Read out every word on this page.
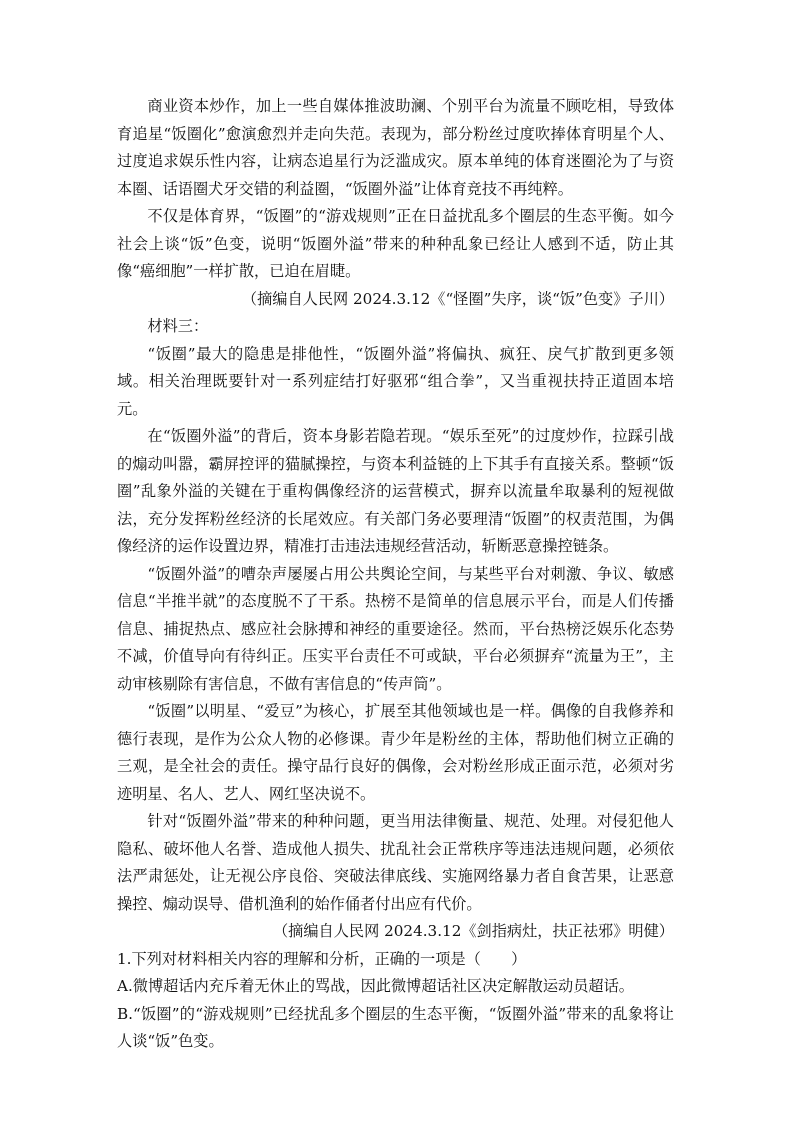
商业资本炒作，加上一些自媒体推波助澜、个别平台为流量不顾吃相，导致体育追星“饭圈化”愈演愈烈并走向失范。表现为，部分粉丝过度吹捧体育明星个人、过度追求娱乐性内容，让病态追星行为泛滥成灾。原本单纯的体育迷圈沦为了与资本圈、话语圈犬牙交错的利益圈，“饭圈外溢”让体育竞技不再纯粹。

不仅是体育界，“饭圈”的“游戏规则”正在日益扰乱多个圈层的生态平衡。如今社会上谈“饭”色变，说明“饭圈外溢”带来的种种乱象已经让人感到不适，防止其像“癌细胞”一样扩散，已迫在眉睫。

（摘编自人民网 2024.3.12《“怪圈”失序，谈“饭”色变》子川）

材料三：

“饭圈”最大的隐患是排他性，“饭圈外溢”将偏执、疯狂、戾气扩散到更多领域。相关治理既要针对一系列症结打好驱邪“组合拳”，又当重视扶持正道固本培元。

在“饭圈外溢”的背后，资本身影若隐若现。“娱乐至死”的过度炒作，拉踩引战的煽动叫嚣，霸屏控评的猫腻操控，与资本利益链的上下其手有直接关系。整顿“饭圈”乱象外溢的关键在于重构偶像经济的运营模式，摒弃以流量牟取暴利的短视做法，充分发挥粉丝经济的长尾效应。有关部门务必要理清“饭圈”的权责范围，为偶像经济的运作设置边界，精准打击违法违规经营活动，斩断恶意操控链条。

“饭圈外溢”的嘈杂声屡屡占用公共舆论空间，与某些平台对刺激、争议、敏感信息“半推半就”的态度脱不了干系。热榜不是简单的信息展示平台，而是人们传播信息、捕捉热点、感应社会脉搏和神经的重要途径。然而，平台热榜泛娱乐化态势不减，价值导向有待纠正。压实平台责任不可或缺，平台必须摒弃“流量为王”，主动审核剔除有害信息，不做有害信息的“传声筒”。

“饭圈”以明星、“爱豆”为核心，扩展至其他领域也是一样。偶像的自我修养和德行表现，是作为公众人物的必修课。青少年是粉丝的主体，帮助他们树立正确的三观，是全社会的责任。操守品行良好的偶像，会对粉丝形成正面示范，必须对劣迹明星、名人、艺人、网红坚决说不。

针对“饭圈外溢”带来的种种问题，更当用法律衡量、规范、处理。对侵犯他人隐私、破坏他人名誉、造成他人损失、扰乱社会正常秩序等违法违规问题，必须依法严肃惩处，让无视公序良俗、突破法律底线、实施网络暴力者自食苦果，让恶意操控、煽动误导、借机渔利的始作俑者付出应有代价。

（摘编自人民网 2024.3.12《剑指病灶，扶正祛邪》明健）

1.下列对材料相关内容的理解和分析，正确的一项是（　　）

A.微博超话内充斥着无休止的骂战，因此微博超话社区决定解散运动员超话。

B.“饭圈”的“游戏规则”已经扰乱多个圈层的生态平衡，“饭圈外溢”带来的乱象将让人谈“饭”色变。
